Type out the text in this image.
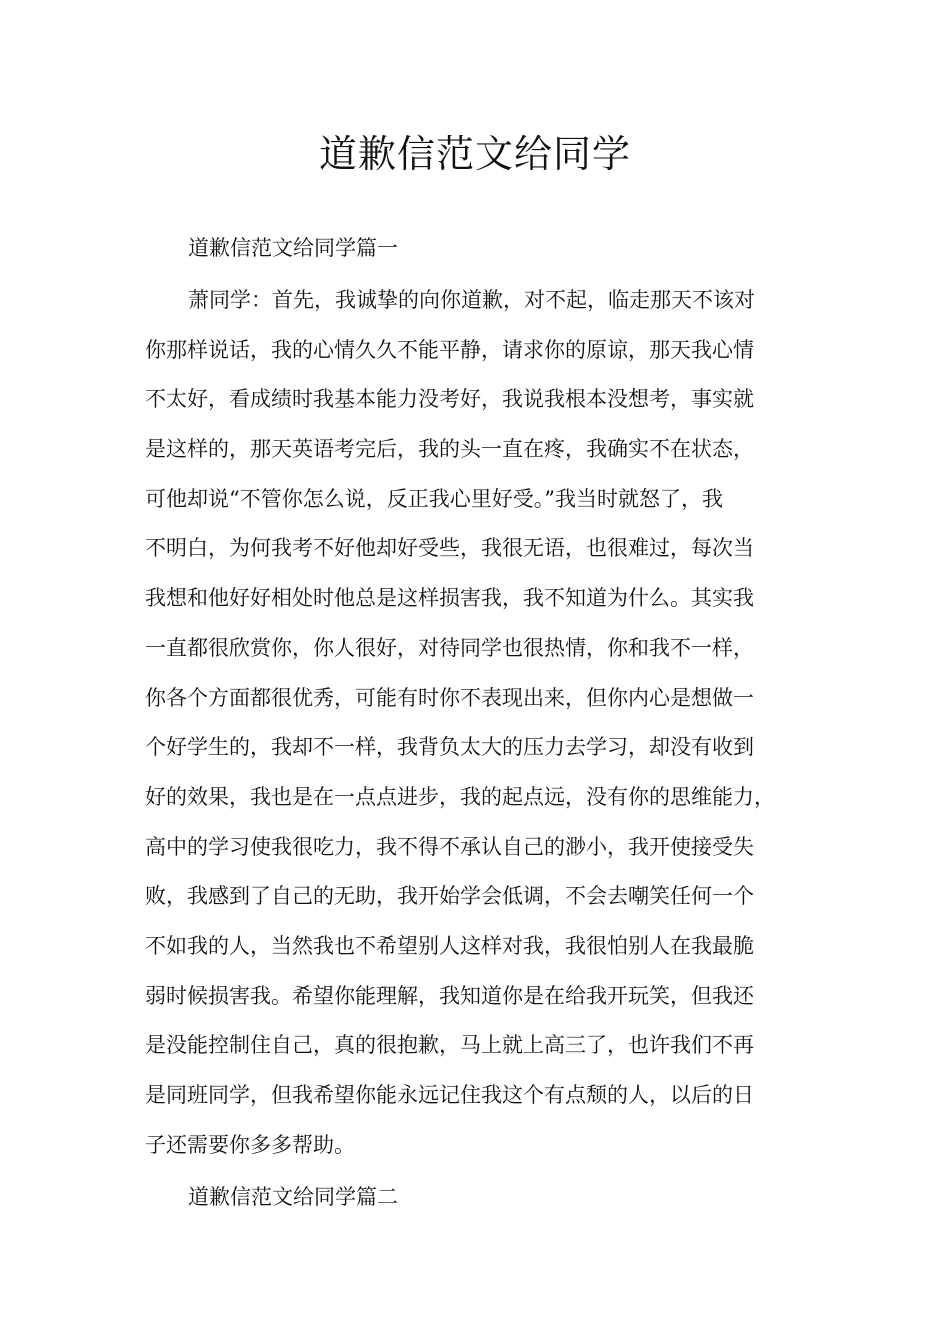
道歉信范文给同学

道歉信范文给同学篇一

萧同学：首先，我诚挚的向你道歉，对不起，临走那天不该对
你那样说话，我的心情久久不能平静，请求你的原谅，那天我心情
不太好，看成绩时我基本能力没考好，我说我根本没想考，事实就
是这样的，那天英语考完后，我的头一直在疼，我确实不在状态，
可他却说“不管你怎么说，反正我心里好受。”我当时就怒了，我
不明白，为何我考不好他却好受些，我很无语，也很难过，每次当
我想和他好好相处时他总是这样损害我，我不知道为什么。其实我
一直都很欣赏你，你人很好，对待同学也很热情，你和我不一样，
你各个方面都很优秀，可能有时你不表现出来，但你内心是想做一
个好学生的，我却不一样，我背负太大的压力去学习，却没有收到
好的效果，我也是在一点点进步，我的起点远，没有你的思维能力，
高中的学习使我很吃力，我不得不承认自己的渺小，我开使接受失
败，我感到了自己的无助，我开始学会低调，不会去嘲笑任何一个
不如我的人，当然我也不希望别人这样对我，我很怕别人在我最脆
弱时候损害我。希望你能理解，我知道你是在给我开玩笑，但我还
是没能控制住自己，真的很抱歉，马上就上高三了，也许我们不再
是同班同学，但我希望你能永远记住我这个有点颓的人，以后的日
子还需要你多多帮助。

道歉信范文给同学篇二
